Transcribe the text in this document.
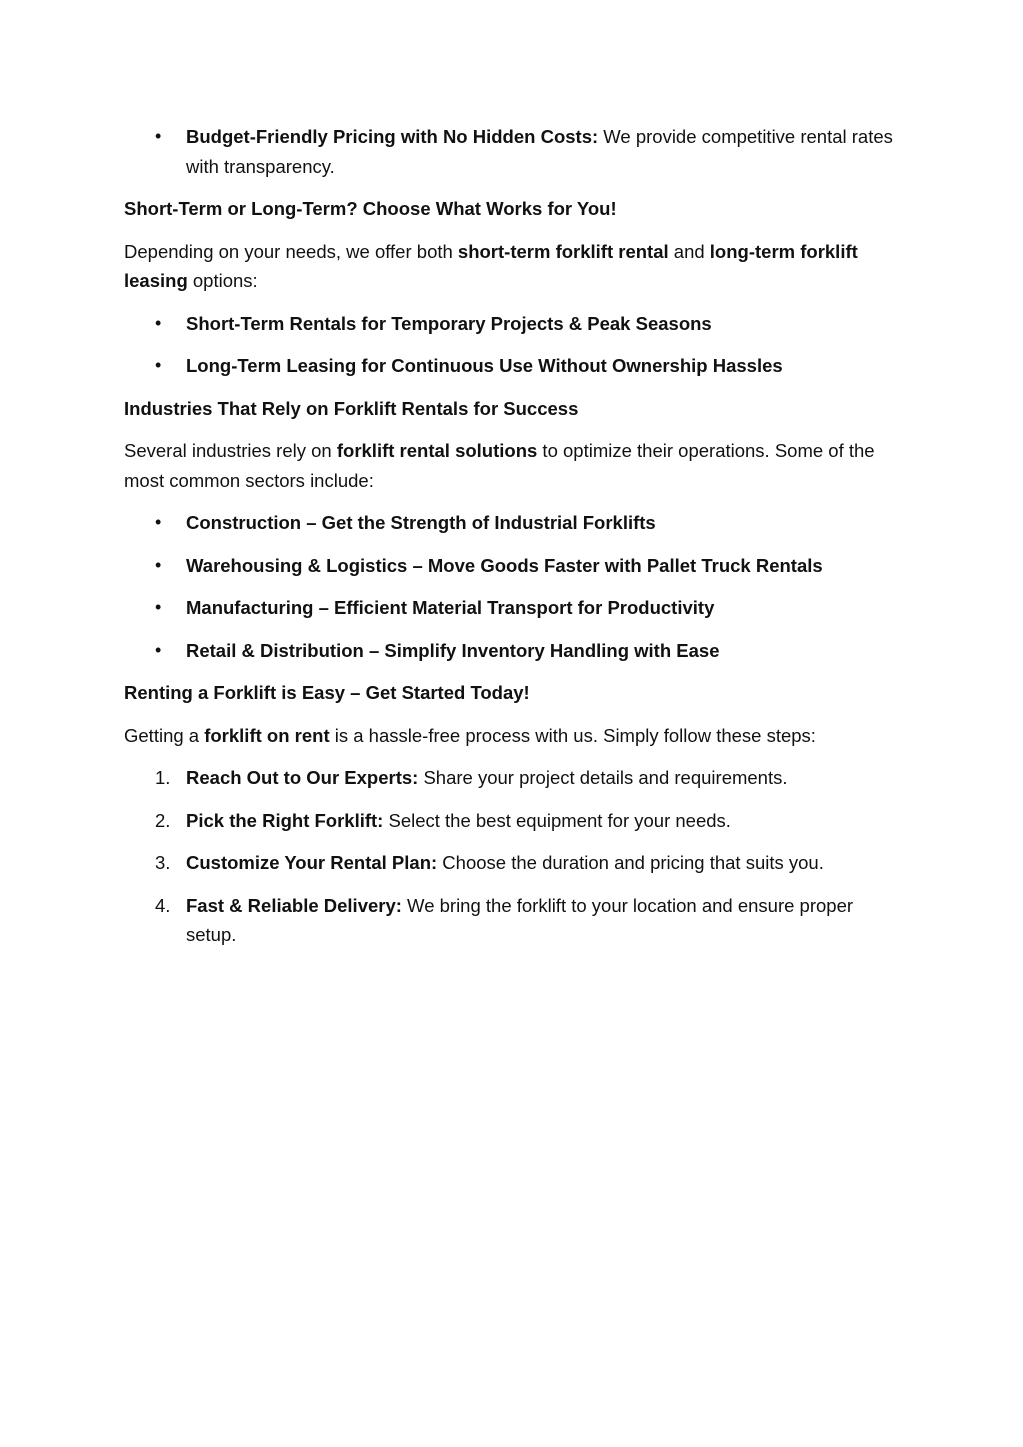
• Budget-Friendly Pricing with No Hidden Costs: We provide competitive rental rates with transparency.
Short-Term or Long-Term? Choose What Works for You!

Depending on your needs, we offer both short-term forklift rental and long-term forklift leasing options:

• Short-Term Rentals for Temporary Projects & Peak Seasons
• Long-Term Leasing for Continuous Use Without Ownership Hassles
Industries That Rely on Forklift Rentals for Success

Several industries rely on forklift rental solutions to optimize their operations. Some of the most common sectors include:

• Construction – Get the Strength of Industrial Forklifts
• Warehousing & Logistics – Move Goods Faster with Pallet Truck Rentals
• Manufacturing – Efficient Material Transport for Productivity
• Retail & Distribution – Simplify Inventory Handling with Ease
Renting a Forklift is Easy – Get Started Today!

Getting a forklift on rent is a hassle-free process with us. Simply follow these steps:

1. Reach Out to Our Experts: Share your project details and requirements.
2. Pick the Right Forklift: Select the best equipment for your needs.
3. Customize Your Rental Plan: Choose the duration and pricing that suits you.
4. Fast & Reliable Delivery: We bring the forklift to your location and ensure proper setup.
